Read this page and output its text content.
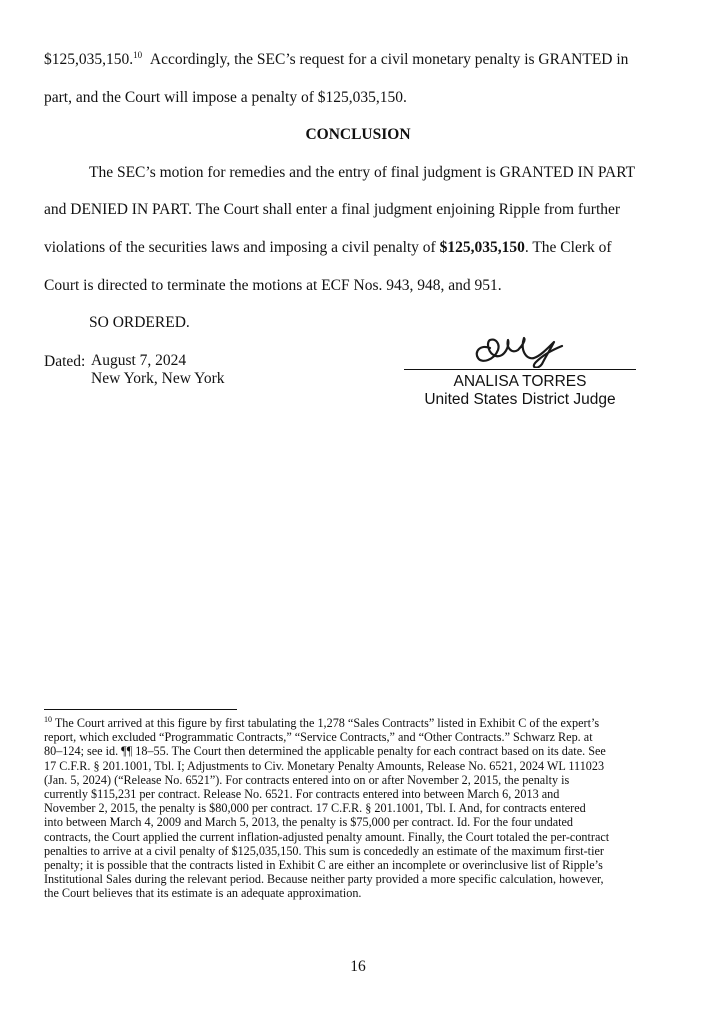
$125,035,150.10 Accordingly, the SEC’s request for a civil monetary penalty is GRANTED in
part, and the Court will impose a penalty of $125,035,150.
CONCLUSION
The SEC’s motion for remedies and the entry of final judgment is GRANTED IN PART
and DENIED IN PART. The Court shall enter a final judgment enjoining Ripple from further
violations of the securities laws and imposing a civil penalty of $125,035,150. The Clerk of
Court is directed to terminate the motions at ECF Nos. 943, 948, and 951.
SO ORDERED.
Dated: August 7, 2024
New York, New York	ANALISA TORRES
United States District Judge
$^{10}$ The Court arrived at this figure by first tabulating the 1,278 “Sales Contracts” listed in Exhibit C of the expert’s
report, which excluded “Programmatic Contracts,” “Service Contracts,” and “Other Contracts.” Schwarz Rep. at
80–124; see id. ¶¶ 18–55. The Court then determined the applicable penalty for each contract based on its date. See
17 C.F.R. § 201.1001, Tbl. I; Adjustments to Civ. Monetary Penalty Amounts, Release No. 6521, 2024 WL 111023
(Jan. 5, 2024) (“Release No. 6521”). For contracts entered into on or after November 2, 2015, the penalty is
currently $115,231 per contract. Release No. 6521. For contracts entered into between March 6, 2013 and
November 2, 2015, the penalty is $80,000 per contract. 17 C.F.R. § 201.1001, Tbl. I. And, for contracts entered
into between March 4, 2009 and March 5, 2013, the penalty is $75,000 per contract. Id. For the four undated
contracts, the Court applied the current inflation-adjusted penalty amount. Finally, the Court totaled the per-contract
penalties to arrive at a civil penalty of $125,035,150. This sum is concededly an estimate of the maximum first-tier
penalty; it is possible that the contracts listed in Exhibit C are either an incomplete or overinclusive list of Ripple’s
Institutional Sales during the relevant period. Because neither party provided a more specific calculation, however,
the Court believes that its estimate is an adequate approximation.
16
